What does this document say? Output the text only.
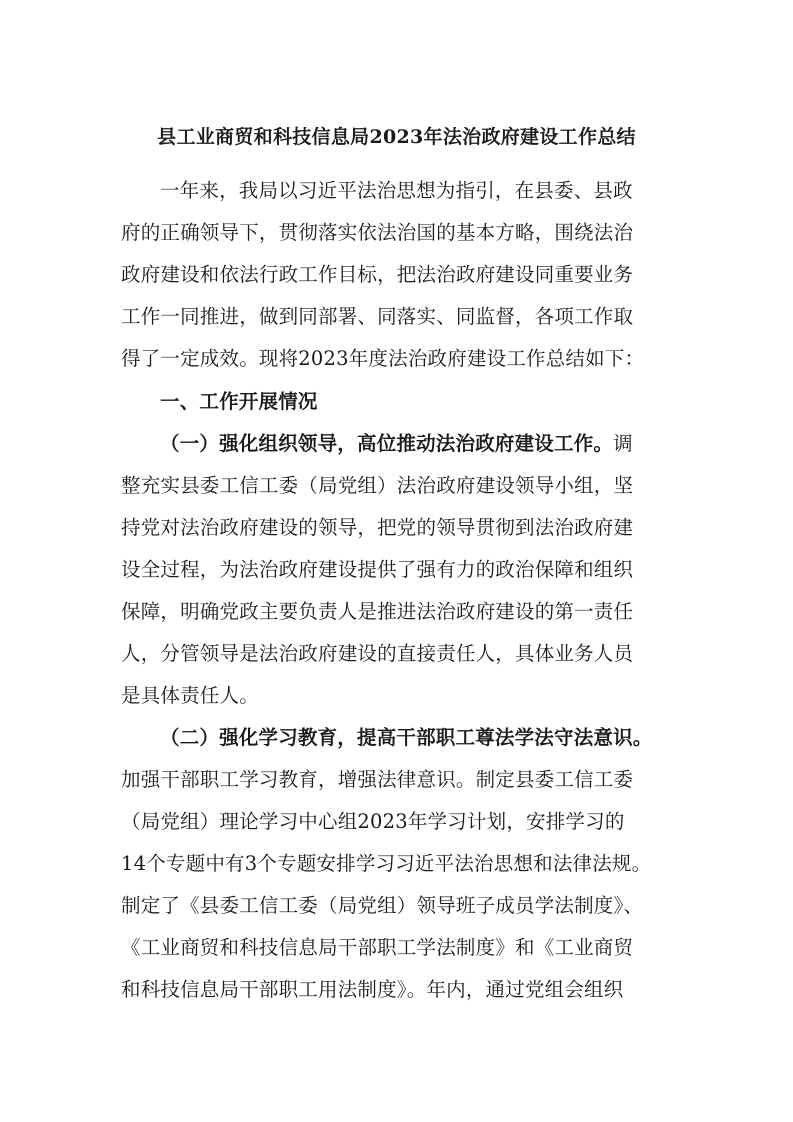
县工业商贸和科技信息局2023年法治政府建设工作总结
一年来，我局以习近平法治思想为指引，在县委、县政
府的正确领导下，贯彻落实依法治国的基本方略，围绕法治
政府建设和依法行政工作目标，把法治政府建设同重要业务
工作一同推进，做到同部署、同落实、同监督，各项工作取
得了一定成效。现将2023年度法治政府建设工作总结如下：
一、工作开展情况
（一）强化组织领导，高位推动法治政府建设工作。调
整充实县委工信工委（局党组）法治政府建设领导小组，坚
持党对法治政府建设的领导，把党的领导贯彻到法治政府建
设全过程，为法治政府建设提供了强有力的政治保障和组织
保障，明确党政主要负责人是推进法治政府建设的第一责任
人，分管领导是法治政府建设的直接责任人，具体业务人员
是具体责任人。
（二）强化学习教育，提高干部职工尊法学法守法意识。
加强干部职工学习教育，增强法律意识。制定县委工信工委
（局党组）理论学习中心组2023年学习计划，安排学习的
14个专题中有3个专题安排学习习近平法治思想和法律法规。
制定了《县委工信工委（局党组）领导班子成员学法制度》、
《工业商贸和科技信息局干部职工学法制度》和《工业商贸
和科技信息局干部职工用法制度》。年内，通过党组会组织
